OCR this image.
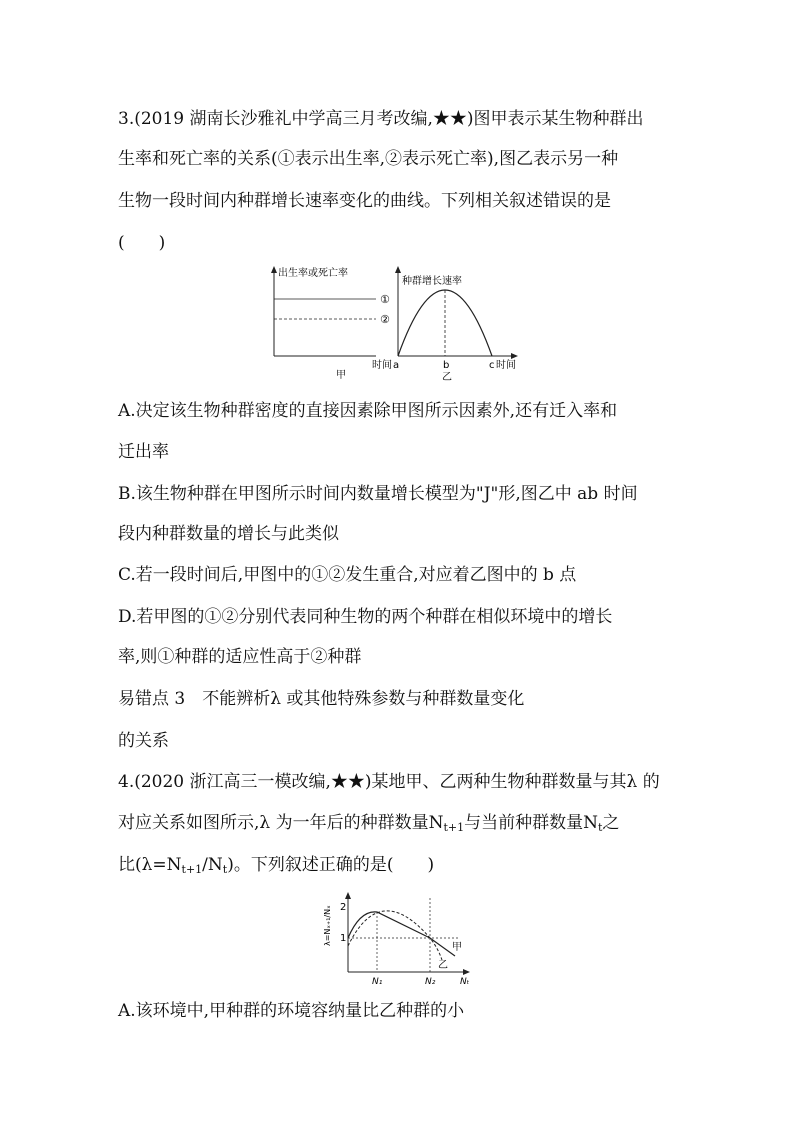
3.(2019 湖南长沙雅礼中学高三月考改编,★★)图甲表示某生物种群出
生率和死亡率的关系(①表示出生率,②表示死亡率),图乙表示另一种
生物一段时间内种群增长速率变化的曲线。下列相关叙述错误的是
(　　)
出生率或死亡率
①
②
时间
甲
种群增长速率
a	b	c 时间
乙
A.决定该生物种群密度的直接因素除甲图所示因素外,还有迁入率和
迁出率
B.该生物种群在甲图所示时间内数量增长模型为"J"形,图乙中 ab 时间
段内种群数量的增长与此类似
C.若一段时间后,甲图中的①②发生重合,对应着乙图中的 b 点
D.若甲图的①②分别代表同种生物的两个种群在相似环境中的增长
率,则①种群的适应性高于②种群
易错点 3　不能辨析λ 或其他特殊参数与种群数量变化
的关系
4.(2020 浙江高三一模改编,★★)某地甲、乙两种生物种群数量与其λ 的
对应关系如图所示,λ 为一年后的种群数量$N_{t+1}$与当前种群数量$N_t$之
比$(\lambda=N_{t+1}/N_t)$。下列叙述正确的是(　　)
λ=Nₓ₊₁/Nₓ 2
1
N₁	N₂	Nₜ
甲
乙
A.该环境中,甲种群的环境容纳量比乙种群的小
